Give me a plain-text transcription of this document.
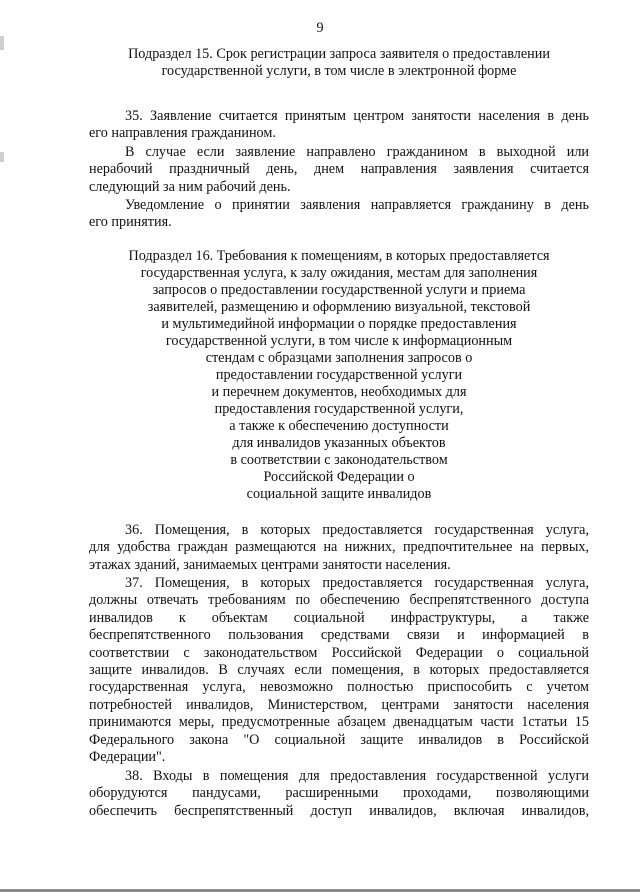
9
Подраздел 15. Срок регистрации запроса заявителя о предоставлении
государственной услуги, в том числе в электронной форме
35. Заявление считается принятым центром занятости населения в день
его направления гражданином.
В случае если заявление направлено гражданином в выходной или
нерабочий праздничный день, днем направления заявления считается
следующий за ним рабочий день.
Уведомление о принятии заявления направляется гражданину в день
его принятия.
Подраздел 16. Требования к помещениям, в которых предоставляется
государственная услуга, к залу ожидания, местам для заполнения
запросов о предоставлении государственной услуги и приема
заявителей, размещению и оформлению визуальной, текстовой
и мультимедийной информации о порядке предоставления
государственной услуги, в том числе к информационным
стендам с образцами заполнения запросов о
предоставлении государственной услуги
и перечнем документов, необходимых для
предоставления государственной услуги,
а также к обеспечению доступности
для инвалидов указанных объектов
в соответствии с законодательством
Российской Федерации о
социальной защите инвалидов
36. Помещения, в которых предоставляется государственная услуга,
для удобства граждан размещаются на нижних, предпочтительнее на первых,
этажах зданий, занимаемых центрами занятости населения.
37. Помещения, в которых предоставляется государственная услуга,
должны отвечать требованиям по обеспечению беспрепятственного доступа
инвалидов к объектам социальной инфраструктуры, а также
беспрепятственного пользования средствами связи и информацией в
соответствии с законодательством Российской Федерации о социальной
защите инвалидов. В случаях если помещения, в которых предоставляется
государственная услуга, невозможно полностью приспособить с учетом
потребностей инвалидов, Министерством, центрами занятости населения
принимаются меры, предусмотренные абзацем двенадцатым части 1статьи 15
Федерального закона "О социальной защите инвалидов в Российской
Федерации".
38. Входы в помещения для предоставления государственной услуги
оборудуются пандусами, расширенными проходами, позволяющими
обеспечить беспрепятственный доступ инвалидов, включая инвалидов,
